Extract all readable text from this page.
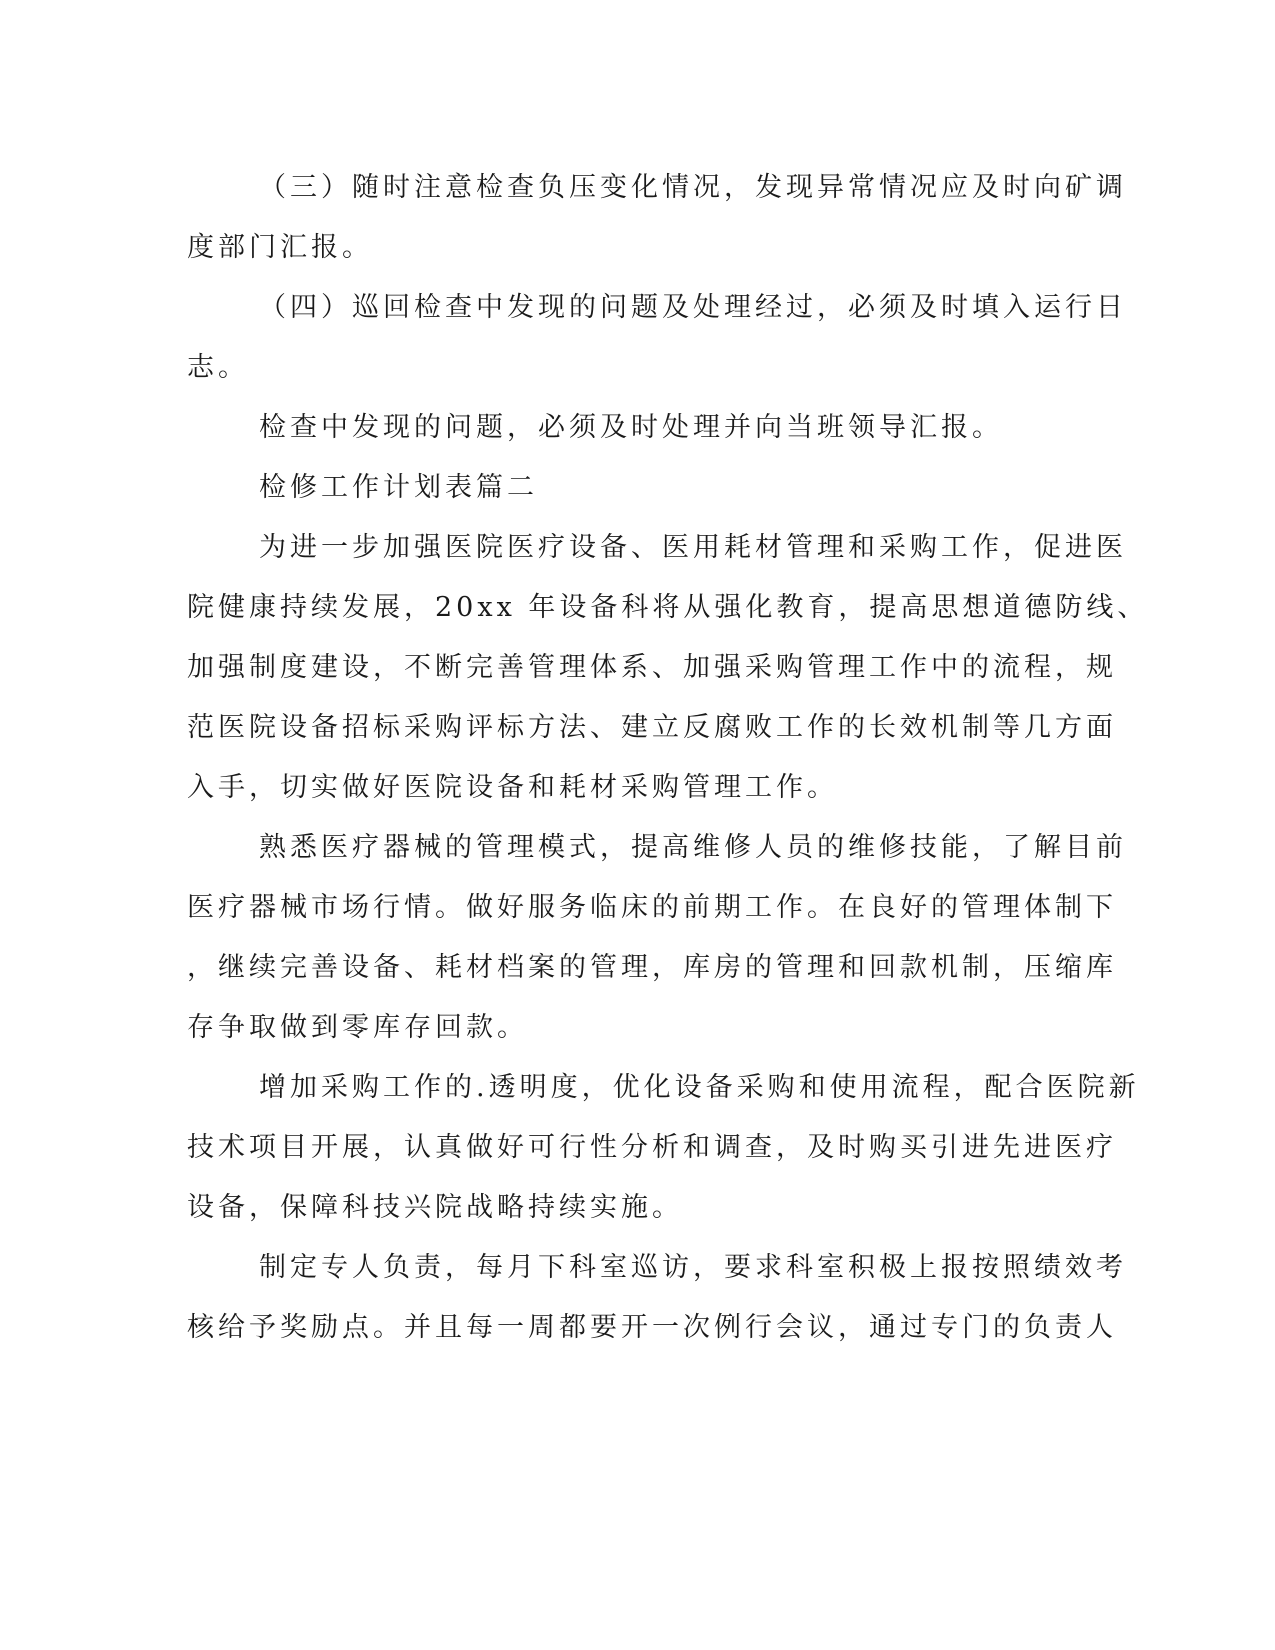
（三）随时注意检查负压变化情况，发现异常情况应及时向矿调
度部门汇报。
（四）巡回检查中发现的问题及处理经过，必须及时填入运行日
志。
检查中发现的问题，必须及时处理并向当班领导汇报。
检修工作计划表篇二
为进一步加强医院医疗设备、医用耗材管理和采购工作，促进医
院健康持续发展，20xx 年设备科将从强化教育，提高思想道德防线、
加强制度建设，不断完善管理体系、加强采购管理工作中的流程，规
范医院设备招标采购评标方法、建立反腐败工作的长效机制等几方面
入手，切实做好医院设备和耗材采购管理工作。
熟悉医疗器械的管理模式，提高维修人员的维修技能，了解目前
医疗器械市场行情。做好服务临床的前期工作。在良好的管理体制下
，继续完善设备、耗材档案的管理，库房的管理和回款机制，压缩库
存争取做到零库存回款。
增加采购工作的.透明度，优化设备采购和使用流程，配合医院新
技术项目开展，认真做好可行性分析和调查，及时购买引进先进医疗
设备，保障科技兴院战略持续实施。
制定专人负责，每月下科室巡访，要求科室积极上报按照绩效考
核给予奖励点。并且每一周都要开一次例行会议，通过专门的负责人
